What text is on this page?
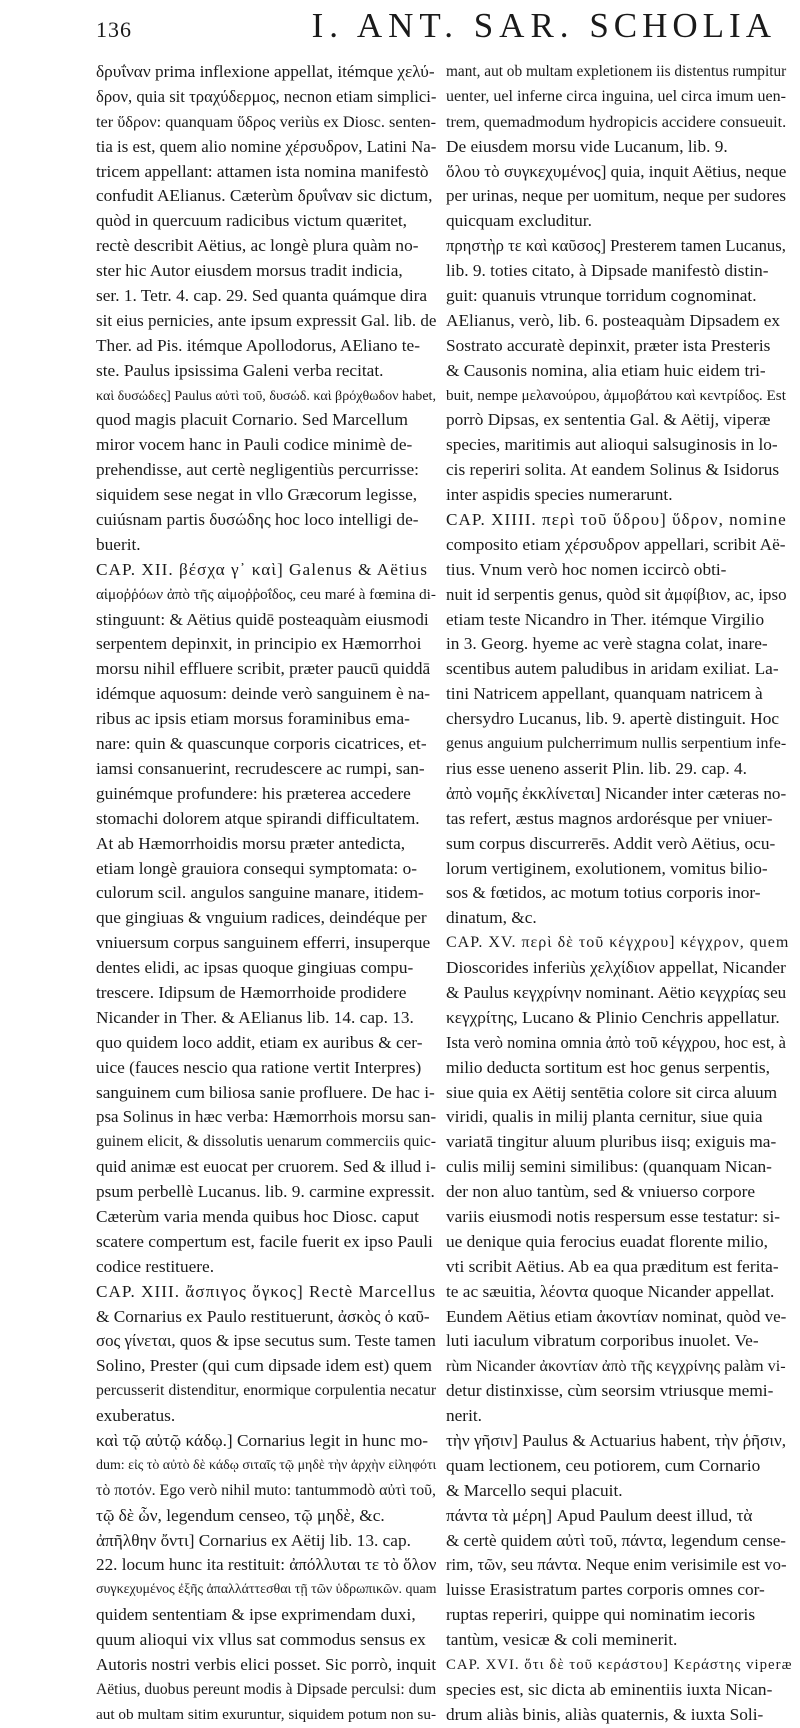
136	I. ANT. SAR. SCHOLIA
δρυΐναν prima inflexione appellat, itémque χελύ-
δρον, quia sit τραχύδερμος, necnon etiam simplici-
ter ὕδρον: quanquam ὕδρος veriùs ex Diosc. senten-
tia is est, quem alio nomine χέρσυδρον, Latini Na-
tricem appellant: attamen ista nomina manifestò
confudit AElianus. Cæterùm δρυΐναν sic dictum,
quòd in quercuum radicibus victum quæritet,
rectè describit Aëtius, ac longè plura quàm no-
ster hic Autor eiusdem morsus tradit indicia,
ser. 1. Tetr. 4. cap. 29. Sed quanta quámque dira
sit eius pernicies, ante ipsum expressit Gal. lib. de
Ther. ad Pis. itémque Apollodorus, AEliano te-
ste. Paulus ipsissima Galeni verba recitat.
καὶ δυσώδες] Paulus αὐτὶ τοῦ, δυσώδ. καὶ βρόχθωδον habet,
quod magis placuit Cornario. Sed Marcellum
miror vocem hanc in Pauli codice minimè de-
prehendisse, aut certè negligentiùs percurrisse:
siquidem sese negat in vllo Græcorum legisse,
cuiúsnam partis δυσώδης hoc loco intelligi de-
buerit.
CAP. XII. βέσχα γ᾿ καὶ] Galenus & Aëtius
αἱμοῤῥόων ἀπὸ τῆς αἱμοῤῥοΐδος, ceu maré à fœmina di-
stinguunt: & Aëtius quidē posteaquàm eiusmodi
serpentem depinxit, in principio ex Hæmorrhoi
morsu nihil effluere scribit, præter paucū quiddā
idémque aquosum: deinde verò sanguinem è na-
ribus ac ipsis etiam morsus foraminibus ema-
nare: quin & quascunque corporis cicatrices, et-
iamsi consanuerint, recrudescere ac rumpi, san-
guinémque profundere: his præterea accedere
stomachi dolorem atque spirandi difficultatem.
At ab Hæmorrhoidis morsu præter antedicta,
etiam longè grauiora consequi symptomata: o-
culorum scil. angulos sanguine manare, itidem-
que gingiuas & vnguium radices, deindéque per
vniuersum corpus sanguinem efferri, insuperque
dentes elidi, ac ipsas quoque gingiuas compu-
trescere. Idipsum de Hæmorrhoide prodidere
Nicander in Ther. & AElianus lib. 14. cap. 13.
quo quidem loco addit, etiam ex auribus & cer-
uice (fauces nescio qua ratione vertit Interpres)
sanguinem cum biliosa sanie profluere. De hac i-
psa Solinus in hæc verba: Hæmorrhois morsu san-
guinem elicit, & dissolutis uenarum commerciis quic-
quid animæ est euocat per cruorem. Sed & illud i-
psum perbellè Lucanus. lib. 9. carmine expressit.
Cæterùm varia menda quibus hoc Diosc. caput
scatere compertum est, facile fuerit ex ipso Pauli
codice restituere.
CAP. XIII. ἄσπιγος ὄγκος] Rectè Marcellus
& Cornarius ex Paulo restituerunt, ἀσκὸς ὁ καῦ-
σος γίνεται, quos & ipse secutus sum. Teste tamen
Solino, Prester (qui cum dipsade idem est) quem
percusserit distenditur, enormique corpulentia necatur
exuberatus.
καὶ τῷ αὐτῷ κάδῳ.] Cornarius legit in hunc mo-
dum: εἰς τὸ αὐτὸ δὲ κάδῳ σιταῖς τῷ μηδὲ τὴν ἀρχὴν εἰληφότι
τὸ ποτόν. Ego verò nihil muto: tantummodò αὐτὶ τοῦ,
τῷ δὲ ὧν, legendum censeo, τῷ μηδὲ, &c.
ἀπῆλθην ὄντι] Cornarius ex Aëtij lib. 13. cap.
22. locum hunc ita restituit: ἀπόλλυται τε τὸ ὅλον
συγκεχυμένος ἐξῆς ἀπαλλάττεσθαι τῇ τῶν ὑδρωπικῶν. quam
quidem sententiam & ipse exprimendam duxi,
quum alioqui vix vllus sat commodus sensus ex
Autoris nostri verbis elici posset. Sic porrò, inquit
Aëtius, duobus pereunt modis à Dipsade perculsi: dum
aut ob multam sitim exuruntur, siquidem potum non su-
mant, aut ob multam expletionem iis distentus rumpitur
uenter, uel inferne circa inguina, uel circa imum uen-
trem, quemadmodum hydropicis accidere consueuit.
De eiusdem morsu vide Lucanum, lib. 9.
ὅλου τὸ συγκεχυμένος] quia, inquit Aëtius, neque
per urinas, neque per uomitum, neque per sudores
quicquam excluditur.
πρηστὴρ τε καὶ καῦσος] Presterem tamen Lucanus,
lib. 9. toties citato, à Dipsade manifestò distin-
guit: quanuis vtrunque torridum cognominat.
AElianus, verò, lib. 6. posteaquàm Dipsadem ex
Sostrato accuratè depinxit, præter ista Presteris
& Causonis nomina, alia etiam huic eidem tri-
buit, nempe μελανούρου, ἀμμοβάτου καὶ κεντρίδος. Est
porrò Dipsas, ex sententia Gal. & Aëtij, viperæ
species, maritimis aut alioqui salsuginosis in lo-
cis reperiri solita. At eandem Solinus & Isidorus
inter aspidis species numerarunt.
CAP. XIIII. περὶ τοῦ ὕδρου] ὕδρον, nomine
composito etiam χέρσυδρον appellari, scribit Aë-
tius. Vnum verò hoc nomen iccircò obti-
nuit id serpentis genus, quòd sit ἀμφίβιον, ac, ipso
etiam teste Nicandro in Ther. itémque Virgilio
in 3. Georg. hyeme ac verè stagna colat, inare-
scentibus autem paludibus in aridam exiliat. La-
tini Natricem appellant, quanquam natricem à
chersydro Lucanus, lib. 9. apertè distinguit. Hoc
genus anguium pulcherrimum nullis serpentium infe-
rius esse ueneno asserit Plin. lib. 29. cap. 4.
ἀπὸ νομῆς ἐκκλίνεται] Nicander inter cæteras no-
tas refert, æstus magnos ardorésque per vniuer-
sum corpus discurrerēs. Addit verò Aëtius, ocu-
lorum vertiginem, exolutionem, vomitus bilio-
sos & fœtidos, ac motum totius corporis inor-
dinatum, &c.
CAP. XV. περὶ δὲ τοῦ κέγχρου] κέγχρον, quem
Dioscorides inferiùs χελχίδιον appellat, Nicander
& Paulus κεγχρίνην nominant. Aëtio κεγχρίας seu
κεγχρίτης, Lucano & Plinio Cenchris appellatur.
Ista verò nomina omnia ἀπὸ τοῦ κέγχρου, hoc est, à
milio deducta sortitum est hoc genus serpentis,
siue quia ex Aëtij sentētia colore sit circa aluum
viridi, qualis in milij planta cernitur, siue quia
variatā tingitur aluum pluribus iisq; exiguis ma-
culis milij semini similibus: (quanquam Nican-
der non aluo tantùm, sed & vniuerso corpore
variis eiusmodi notis respersum esse testatur: si-
ue denique quia ferocius euadat florente milio,
vti scribit Aëtius. Ab ea qua præditum est ferita-
te ac sæuitia, λέοντα quoque Nicander appellat.
Eundem Aëtius etiam ἀκοντίαν nominat, quòd ve-
luti iaculum vibratum corporibus inuolet. Ve-
rùm Nicander ἀκοντίαν ἀπὸ τῆς κεγχρίνης palàm vi-
detur distinxisse, cùm seorsim vtriusque memi-
nerit.
τὴν γῆσιν] Paulus & Actuarius habent, τὴν ῥῆσιν,
quam lectionem, ceu potiorem, cum Cornario
& Marcello sequi placuit.
πάντα τὰ μέρη] Apud Paulum deest illud, τὰ
& certè quidem αὐτὶ τοῦ, πάντα, legendum cense-
rim, τῶν, seu πάντα. Neque enim verisimile est vo-
luisse Erasistratum partes corporis omnes cor-
ruptas reperiri, quippe qui nominatim iecoris
tantùm, vesicæ & coli meminerit.
CAP. XVI. ὅτι δὲ τοῦ κεράστου] Κεράστης viperæ
species est, sic dicta ab eminentiis iuxta Nican-
drum aliàs binis, aliàs quaternis, & iuxta Soli-
